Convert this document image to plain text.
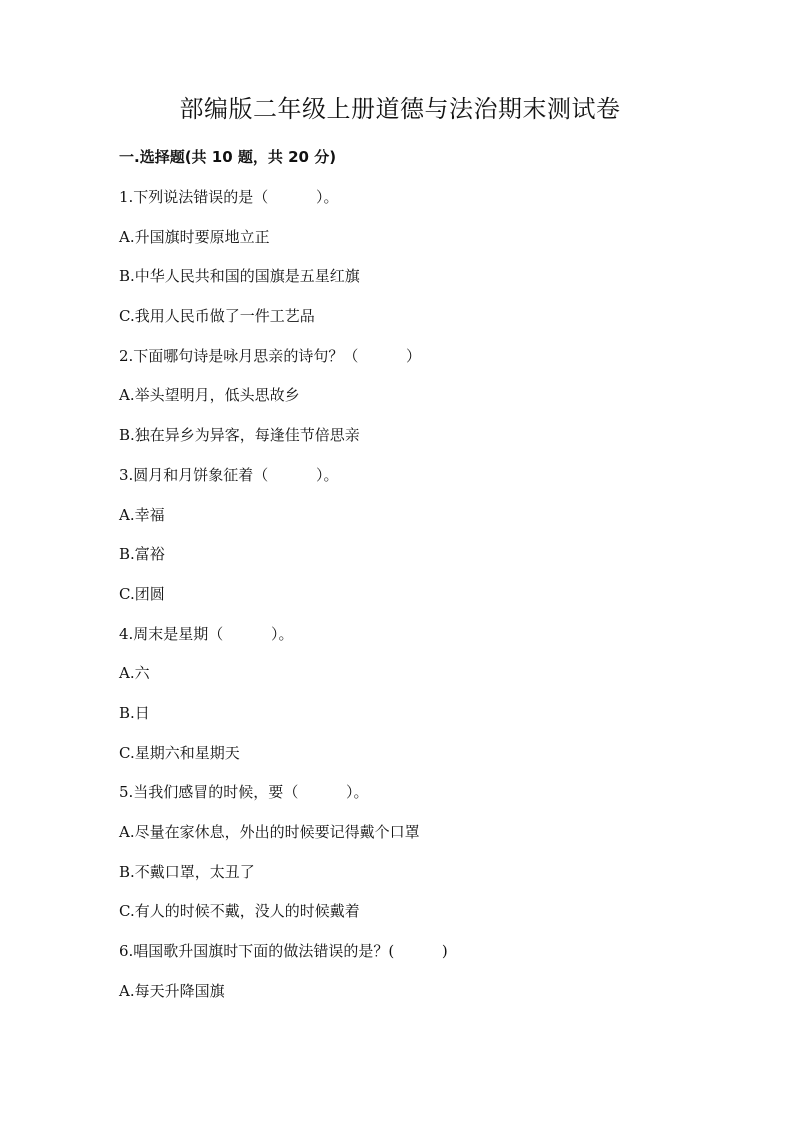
部编版二年级上册道德与法治期末测试卷
一.选择题(共 10 题，共 20 分)
1.下列说法错误的是（          ）。
A.升国旗时要原地立正
B.中华人民共和国的国旗是五星红旗
C.我用人民币做了一件工艺品
2.下面哪句诗是咏月思亲的诗句？（          ）
A.举头望明月，低头思故乡
B.独在异乡为异客，每逢佳节倍思亲
3.圆月和月饼象征着（          ）。
A.幸福
B.富裕
C.团圆
4.周末是星期（          ）。
A.六
B.日
C.星期六和星期天
5.当我们感冒的时候，要（          ）。
A.尽量在家休息，外出的时候要记得戴个口罩
B.不戴口罩，太丑了
C.有人的时候不戴，没人的时候戴着
6.唱国歌升国旗时下面的做法错误的是？(          )
A.每天升降国旗
